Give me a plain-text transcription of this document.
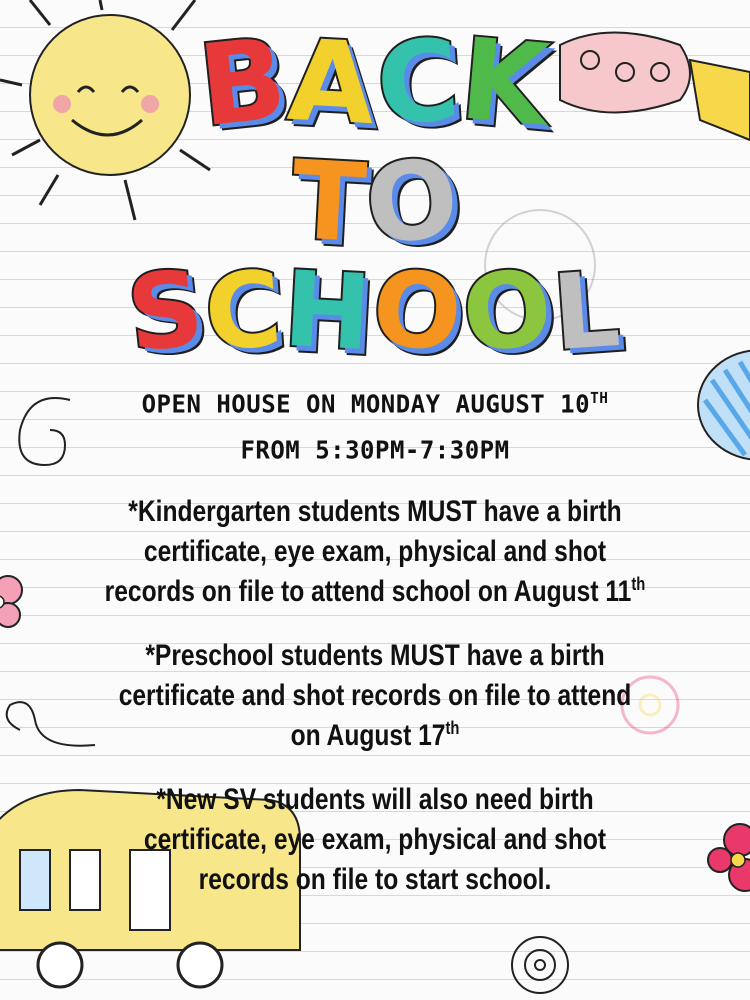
BACK
TO
SCHOOL
OPEN HOUSE ON MONDAY AUGUST 10TH
FROM 5:30PM-7:30PM
*Kindergarten students MUST have a birth
certificate, eye exam, physical and shot
records on file to attend school on August 11th
*Preschool students MUST have a birth
certificate and shot records on file to attend
on August 17th
*New SV students will also need birth
certificate, eye exam, physical and shot
records on file to start school.
